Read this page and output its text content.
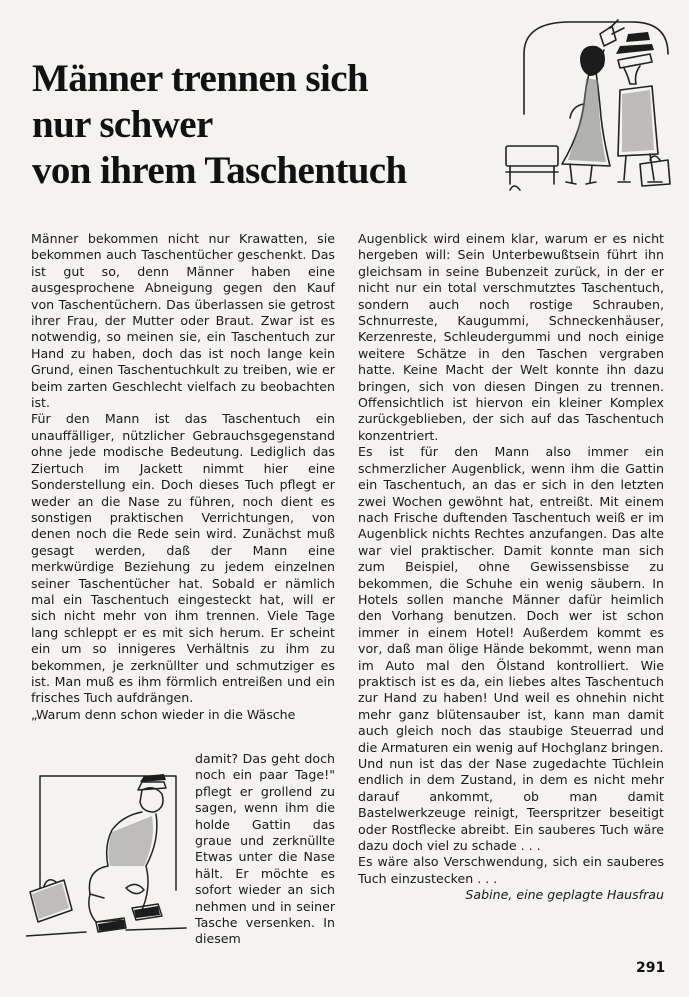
Männer trennen sich
nur schwer
von ihrem Taschentuch

Männer bekommen nicht nur Krawatten, sie bekommen auch Taschentücher geschenkt. Das ist gut so, denn Männer haben eine ausgesprochene Abneigung gegen den Kauf von Taschentüchern. Das überlassen sie getrost ihrer Frau, der Mutter oder Braut. Zwar ist es notwendig, so meinen sie, ein Taschentuch zur Hand zu haben, doch das ist noch lange kein Grund, einen Taschentuchkult zu treiben, wie er beim zarten Geschlecht vielfach zu beobachten ist.

Für den Mann ist das Taschentuch ein unauffälliger, nützlicher Gebrauchsgegenstand ohne jede modische Bedeutung. Lediglich das Ziertuch im Jackett nimmt hier eine Sonderstellung ein. Doch dieses Tuch pflegt er weder an die Nase zu führen, noch dient es sonstigen praktischen Verrichtungen, von denen noch die Rede sein wird. Zunächst muß gesagt werden, daß der Mann eine merkwürdige Beziehung zu jedem einzelnen seiner Taschentücher hat. Sobald er nämlich mal ein Taschentuch eingesteckt hat, will er sich nicht mehr von ihm trennen. Viele Tage lang schleppt er es mit sich herum. Er scheint ein um so innigeres Verhältnis zu ihm zu bekommen, je zerknüllter und schmutziger es ist. Man muß es ihm förmlich entreißen und ein frisches Tuch aufdrängen.

„Warum denn schon wieder in die Wäsche

damit? Das geht doch noch ein paar Tage!" pflegt er grollend zu sagen, wenn ihm die holde Gattin das graue und zerknüllte Etwas unter die Nase hält. Er möchte es sofort wieder an sich nehmen und in seiner Tasche versenken. In diesem

Augenblick wird einem klar, warum er es nicht hergeben will: Sein Unterbewußtsein führt ihn gleichsam in seine Bubenzeit zurück, in der er nicht nur ein total verschmutztes Taschentuch, sondern auch noch rostige Schrauben, Schnurreste, Kaugummi, Schneckenhäuser, Kerzenreste, Schleudergummi und noch einige weitere Schätze in den Taschen vergraben hatte. Keine Macht der Welt konnte ihn dazu bringen, sich von diesen Dingen zu trennen. Offensichtlich ist hiervon ein kleiner Komplex zurückgeblieben, der sich auf das Taschentuch konzentriert.

Es ist für den Mann also immer ein schmerzlicher Augenblick, wenn ihm die Gattin ein Taschentuch, an das er sich in den letzten zwei Wochen gewöhnt hat, entreißt. Mit einem nach Frische duftenden Taschentuch weiß er im Augenblick nichts Rechtes anzufangen. Das alte war viel praktischer. Damit konnte man sich zum Beispiel, ohne Gewissensbisse zu bekommen, die Schuhe ein wenig säubern. In Hotels sollen manche Männer dafür heimlich den Vorhang benutzen. Doch wer ist schon immer in einem Hotel! Außerdem kommt es vor, daß man ölige Hände bekommt, wenn man im Auto mal den Ölstand kontrolliert. Wie praktisch ist es da, ein liebes altes Taschentuch zur Hand zu haben! Und weil es ohnehin nicht mehr ganz blütensauber ist, kann man damit auch gleich noch das staubige Steuerrad und die Armaturen ein wenig auf Hochglanz bringen.

Und nun ist das der Nase zugedachte Tüchlein endlich in dem Zustand, in dem es nicht mehr darauf ankommt, ob man damit Bastelwerkzeuge reinigt, Teerspritzer beseitigt oder Rostflecke abreibt. Ein sauberes Tuch wäre dazu doch viel zu schade . . .

Es wäre also Verschwendung, sich ein sauberes Tuch einzustecken . . .

Sabine, eine geplagte Hausfrau

291
